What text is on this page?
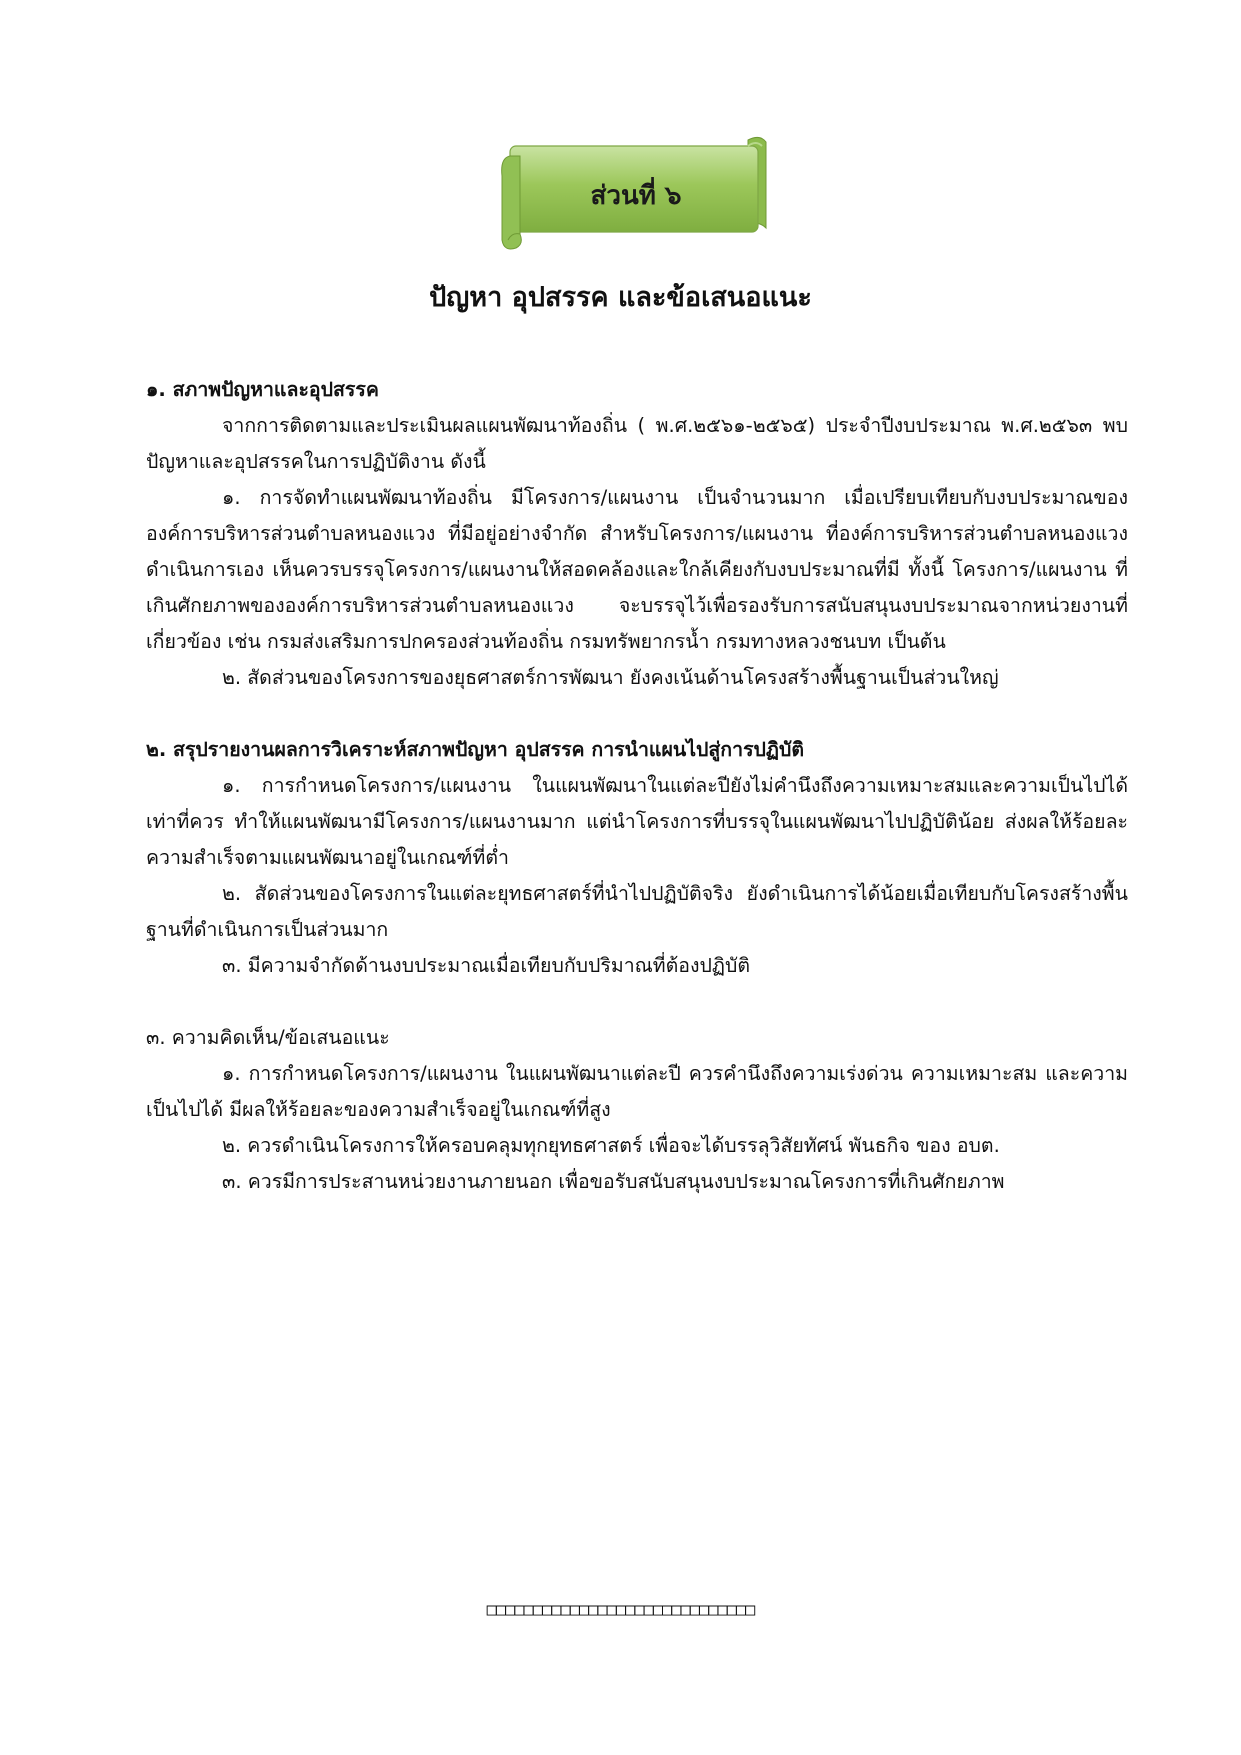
ส่วนที่ ๖
ปัญหา อุปสรรค และข้อเสนอแนะ

๑. สภาพปัญหาและอุปสรรค

จากการติดตามและประเมินผลแผนพัฒนาท้องถิ่น ( พ.ศ.๒๕๖๑-๒๕๖๕) ประจำปีงบประมาณ พ.ศ.๒๕๖๓ พบปัญหาและอุปสรรคในการปฏิบัติงาน ดังนี้

๑. การจัดทำแผนพัฒนาท้องถิ่น มีโครงการ/แผนงาน เป็นจำนวนมาก เมื่อเปรียบเทียบกับงบประมาณขององค์การบริหารส่วนตำบลหนองแวง ที่มีอยู่อย่างจำกัด สำหรับโครงการ/แผนงาน ที่องค์การบริหารส่วนตำบลหนองแวงดำเนินการเอง เห็นควรบรรจุโครงการ/แผนงานให้สอดคล้องและใกล้เคียงกับงบประมาณที่มี ทั้งนี้ โครงการ/แผนงาน ที่เกินศักยภาพขององค์การบริหารส่วนตำบลหนองแวง จะบรรจุไว้เพื่อรองรับการสนับสนุนงบประมาณจากหน่วยงานที่เกี่ยวข้อง เช่น กรมส่งเสริมการปกครองส่วนท้องถิ่น กรมทรัพยากรน้ำ กรมทางหลวงชนบท เป็นต้น

๒. สัดส่วนของโครงการของยุธศาสตร์การพัฒนา ยังคงเน้นด้านโครงสร้างพื้นฐานเป็นส่วนใหญ่

๒. สรุปรายงานผลการวิเคราะห์สภาพปัญหา อุปสรรค การนำแผนไปสู่การปฏิบัติ

๑. การกำหนดโครงการ/แผนงาน ในแผนพัฒนาในแต่ละปียังไม่คำนึงถึงความเหมาะสมและความเป็นไปได้เท่าที่ควร ทำให้แผนพัฒนามีโครงการ/แผนงานมาก แต่นำโครงการที่บรรจุในแผนพัฒนาไปปฏิบัติน้อย ส่งผลให้ร้อยละความสำเร็จตามแผนพัฒนาอยู่ในเกณฑ์ที่ต่ำ

๒. สัดส่วนของโครงการในแต่ละยุทธศาสตร์ที่นำไปปฏิบัติจริง ยังดำเนินการได้น้อยเมื่อเทียบกับโครงสร้างพื้นฐานที่ดำเนินการเป็นส่วนมาก

๓. มีความจำกัดด้านงบประมาณเมื่อเทียบกับปริมาณที่ต้องปฏิบัติ

๓. ความคิดเห็น/ข้อเสนอแนะ

๑. การกำหนดโครงการ/แผนงาน ในแผนพัฒนาแต่ละปี ควรคำนึงถึงความเร่งด่วน ความเหมาะสม และความเป็นไปได้ มีผลให้ร้อยละของความสำเร็จอยู่ในเกณฑ์ที่สูง

๒. ควรดำเนินโครงการให้ครอบคลุมทุกยุทธศาสตร์ เพื่อจะได้บรรลุวิสัยทัศน์ พันธกิจ ของ อบต.

๓. ควรมีการประสานหน่วยงานภายนอก เพื่อขอรับสนับสนุนงบประมาณโครงการที่เกินศักยภาพ

□□□□□□□□□□□□□□□□□□□□□□□□□□□□□
